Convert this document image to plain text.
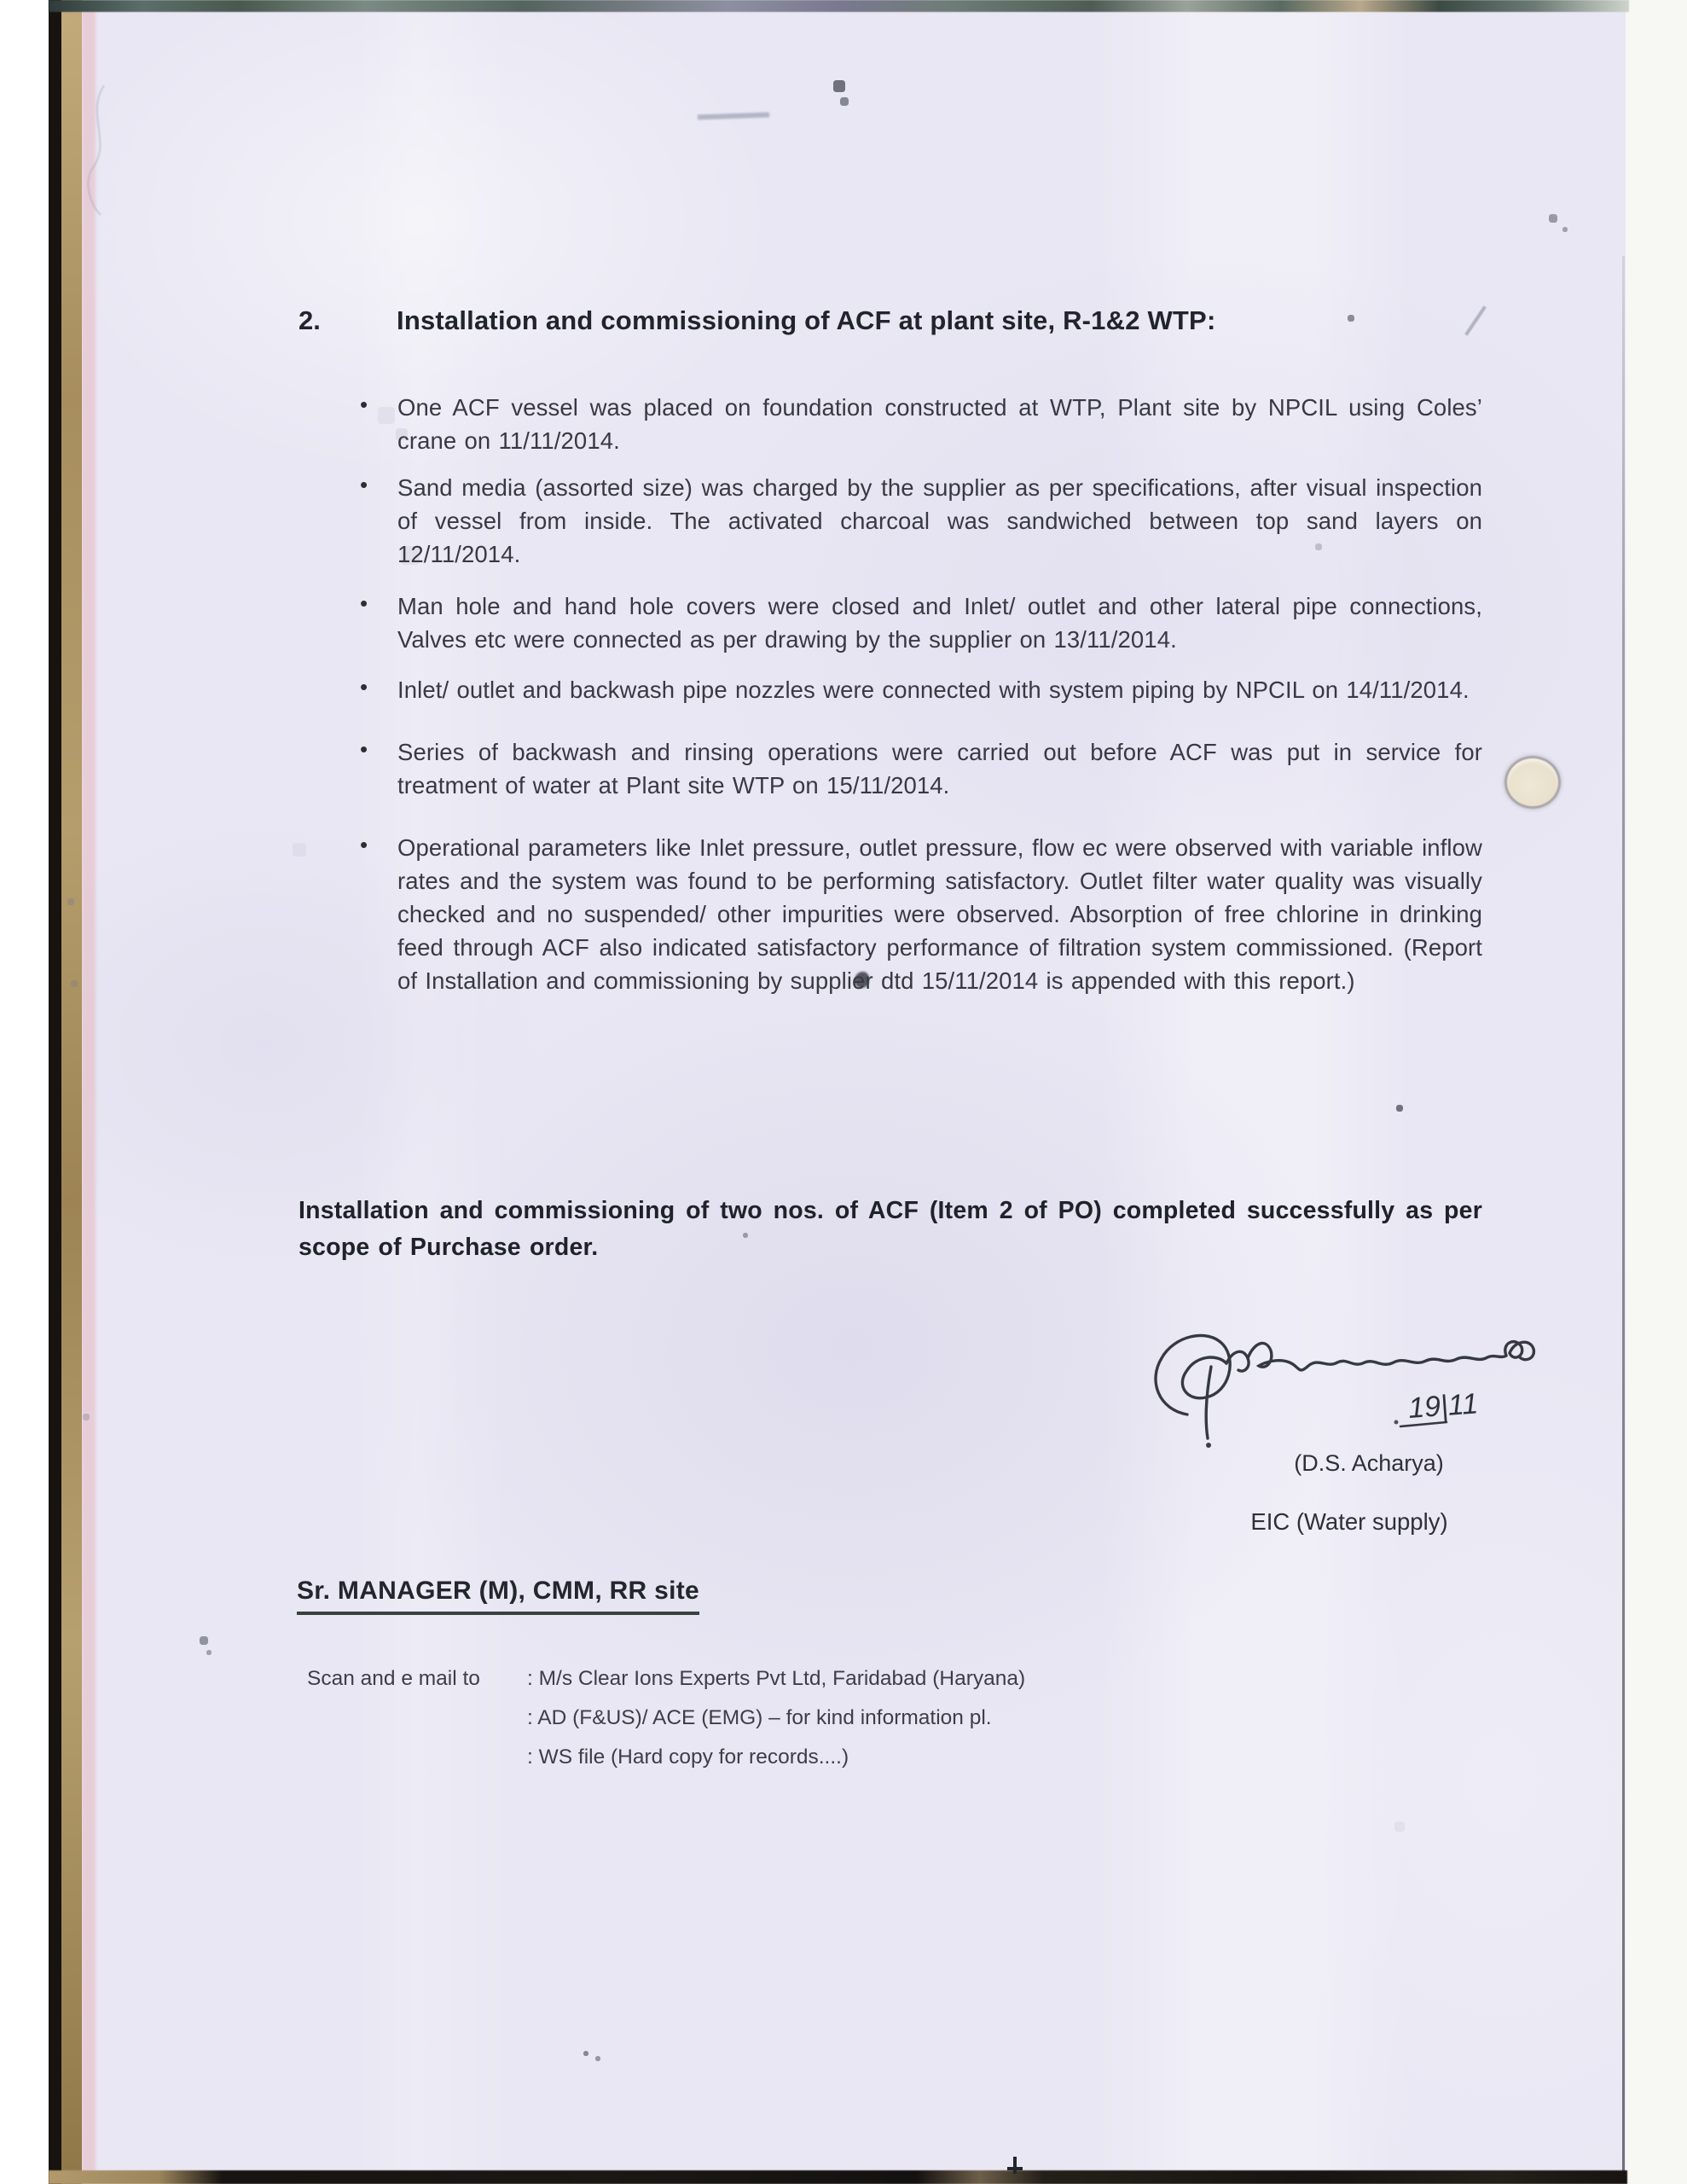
2.	Installation and commissioning of ACF at plant site, R-1&2 WTP:
• One ACF vessel was placed on foundation constructed at WTP, Plant site by NPCIL using Coles’ crane on 11/11/2014.

• Sand media (assorted size) was charged by the supplier as per specifications, after visual inspection of vessel from inside. The activated charcoal was sandwiched between top sand layers on 12/11/2014.

• Man hole and hand hole covers were closed and Inlet/ outlet and other lateral pipe connections, Valves etc were connected as per drawing by the supplier on 13/11/2014.

• Inlet/ outlet and backwash pipe nozzles were connected with system piping by NPCIL on 14/11/2014.

• Series of backwash and rinsing operations were carried out before ACF was put in service for treatment of water at Plant site WTP on 15/11/2014.

• Operational parameters like Inlet pressure, outlet pressure, flow ec were observed with variable inflow rates and the system was found to be performing satisfactory. Outlet filter water quality was visually checked and no suspended/ other impurities were observed. Absorption of free chlorine in drinking feed through ACF also indicated satisfactory performance of filtration system commissioned. (Report of Installation and commissioning by supplier dtd 15/11/2014 is appended with this report.)

Installation and commissioning of two nos. of ACF (Item 2 of PO) completed successfully as per scope of Purchase order.
19|11
(D.S. Acharya)
EIC (Water supply)
Sr. MANAGER (M), CMM, RR site
Scan and e mail to	: M/s Clear Ions Experts Pvt Ltd, Faridabad (Haryana)
: AD (F&US)/ ACE (EMG) – for kind information pl.
: WS file (Hard copy for records....)
